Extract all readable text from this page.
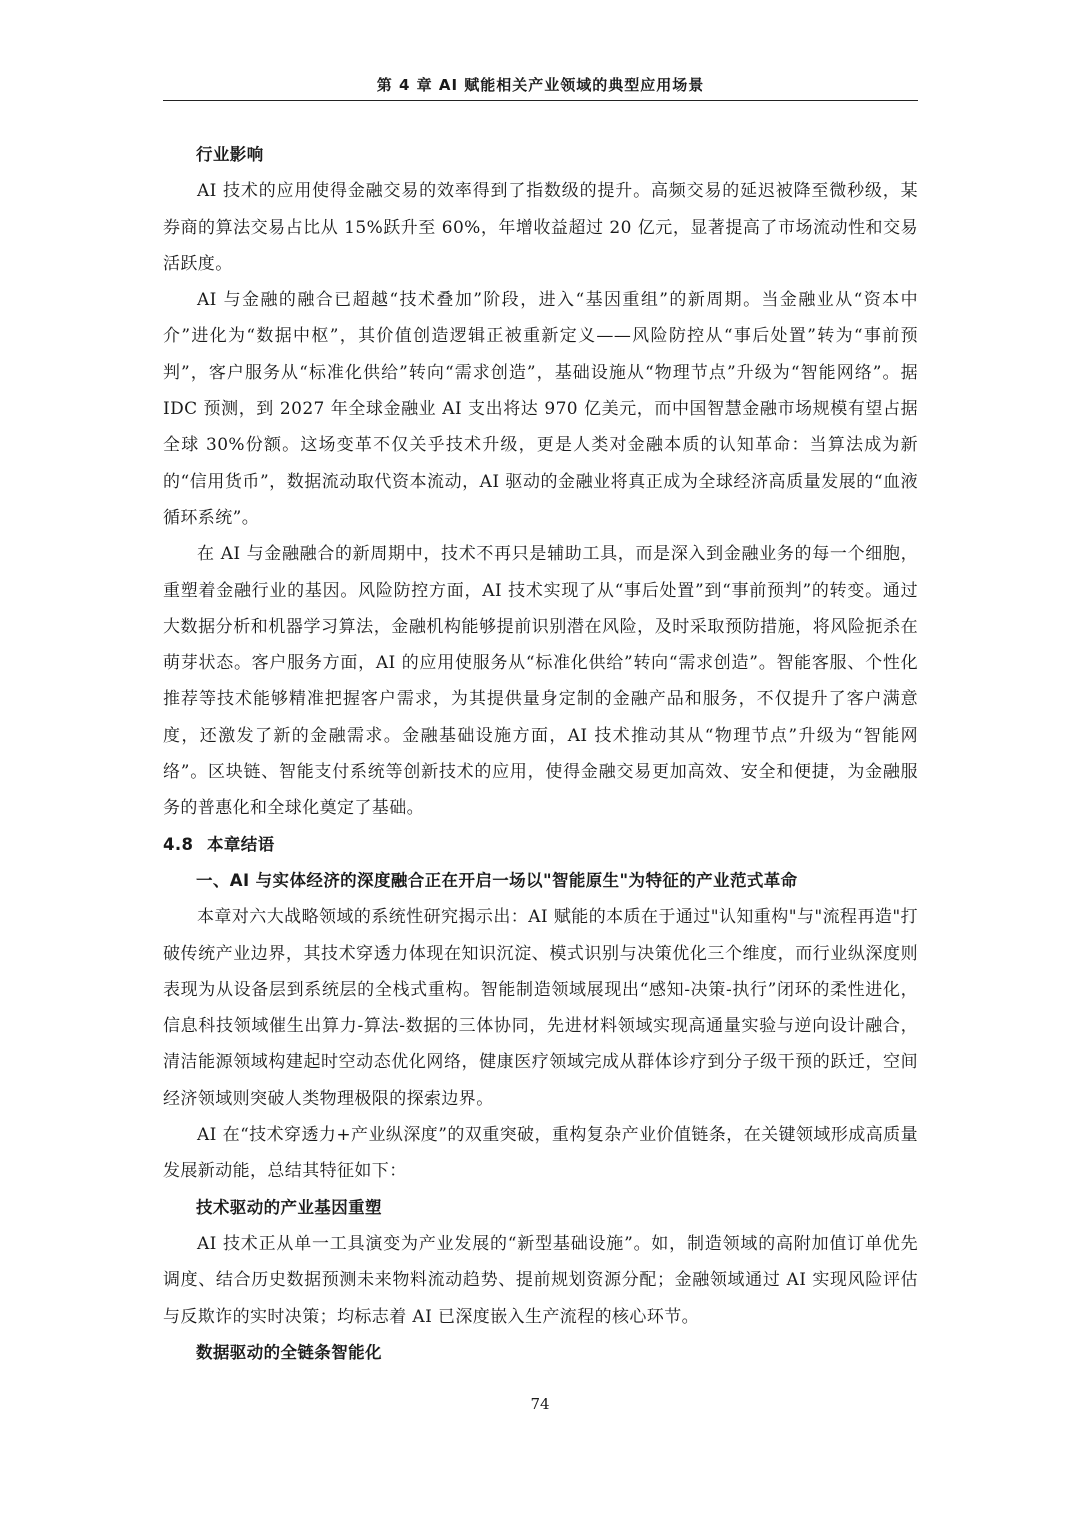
第 4 章 AI 赋能相关产业领域的典型应用场景

行业影响

AI 技术的应用使得金融交易的效率得到了指数级的提升。高频交易的延迟被降至微秒级，某券商的算法交易占比从 15%跃升至 60%，年增收益超过 20 亿元，显著提高了市场流动性和交易活跃度。

AI 与金融的融合已超越“技术叠加”阶段，进入“基因重组”的新周期。当金融业从“资本中介”进化为“数据中枢”，其价值创造逻辑正被重新定义——风险防控从“事后处置”转为“事前预判”，客户服务从“标准化供给”转向“需求创造”，基础设施从“物理节点”升级为“智能网络”。据 IDC 预测，到 2027 年全球金融业 AI 支出将达 970 亿美元，而中国智慧金融市场规模有望占据全球 30%份额。这场变革不仅关乎技术升级，更是人类对金融本质的认知革命：当算法成为新的“信用货币”，数据流动取代资本流动，AI 驱动的金融业将真正成为全球经济高质量发展的“血液循环系统”。

在 AI 与金融融合的新周期中，技术不再只是辅助工具，而是深入到金融业务的每一个细胞，重塑着金融行业的基因。风险防控方面，AI 技术实现了从“事后处置”到“事前预判”的转变。通过大数据分析和机器学习算法，金融机构能够提前识别潜在风险，及时采取预防措施，将风险扼杀在萌芽状态。客户服务方面，AI 的应用使服务从“标准化供给”转向“需求创造”。智能客服、个性化推荐等技术能够精准把握客户需求，为其提供量身定制的金融产品和服务，不仅提升了客户满意度，还激发了新的金融需求。金融基础设施方面，AI 技术推动其从“物理节点”升级为“智能网络”。区块链、智能支付系统等创新技术的应用，使得金融交易更加高效、安全和便捷，为金融服务的普惠化和全球化奠定了基础。

4.8 本章结语

一、AI 与实体经济的深度融合正在开启一场以"智能原生"为特征的产业范式革命

本章对六大战略领域的系统性研究揭示出：AI 赋能的本质在于通过"认知重构"与"流程再造"打破传统产业边界，其技术穿透力体现在知识沉淀、模式识别与决策优化三个维度，而行业纵深度则表现为从设备层到系统层的全栈式重构。智能制造领域展现出“感知-决策-执行”闭环的柔性进化，信息科技领域催生出算力-算法-数据的三体协同，先进材料领域实现高通量实验与逆向设计融合，清洁能源领域构建起时空动态优化网络，健康医疗领域完成从群体诊疗到分子级干预的跃迁，空间经济领域则突破人类物理极限的探索边界。

AI 在“技术穿透力+产业纵深度”的双重突破，重构复杂产业价值链条，在关键领域形成高质量发展新动能，总结其特征如下：

技术驱动的产业基因重塑

AI 技术正从单一工具演变为产业发展的“新型基础设施”。如，制造领域的高附加值订单优先调度、结合历史数据预测未来物料流动趋势、提前规划资源分配；金融领域通过 AI 实现风险评估与反欺诈的实时决策；均标志着 AI 已深度嵌入生产流程的核心环节。

数据驱动的全链条智能化

74
